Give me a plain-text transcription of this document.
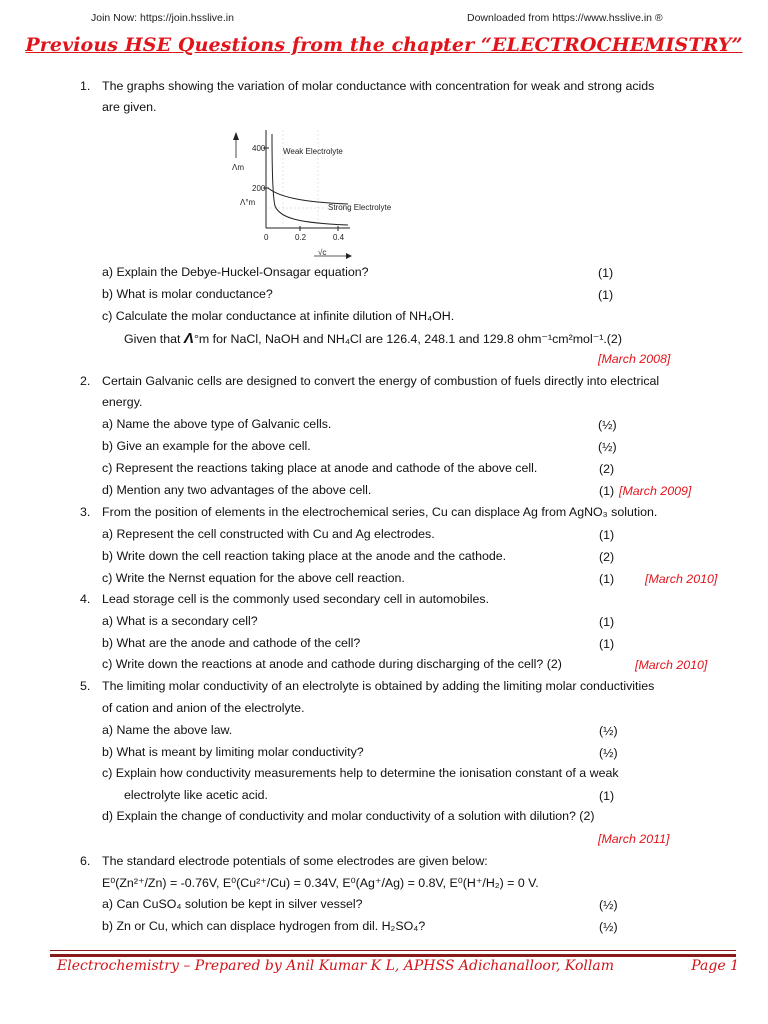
Join Now: https://join.hsslive.in	Downloaded from https://www.hsslive.in ®
Previous HSE Questions from the chapter “ELECTROCHEMISTRY”
1. The graphs showing the variation of molar conductance with concentration for weak and strong acids
are given.
400
200
0	0.2	0.4
Λm
Λ°m
√c
Weak Electrolyte
Strong Electrolyte
a) Explain the Debye-Huckel-Onsagar equation?	(1)
b) What is molar conductance?	(1)
c) Calculate the molar conductance at infinite dilution of NH₄OH.
Given that Λ°m for NaCl, NaOH and NH₄Cl are 126.4, 248.1 and 129.8 ohm⁻¹cm²mol⁻¹.(2)
[March 2008]
2. Certain Galvanic cells are designed to convert the energy of combustion of fuels directly into electrical
energy.
a) Name the above type of Galvanic cells.	(½)
b) Give an example for the above cell.	(½)
c) Represent the reactions taking place at anode and cathode of the above cell.	(2)
d) Mention any two advantages of the above cell.	(1) [March 2009]
3. From the position of elements in the electrochemical series, Cu can displace Ag from AgNO₃ solution.
a) Represent the cell constructed with Cu and Ag electrodes.	(1)
b) Write down the cell reaction taking place at the anode and the cathode.	(2)
c) Write the Nernst equation for the above cell reaction.	(1) [March 2010]
4. Lead storage cell is the commonly used secondary cell in automobiles.
a) What is a secondary cell?	(1)
b) What are the anode and cathode of the cell?	(1)
c) Write down the reactions at anode and cathode during discharging of the cell? (2)	[March 2010]
5. The limiting molar conductivity of an electrolyte is obtained by adding the limiting molar conductivities
of cation and anion of the electrolyte.
a) Name the above law.	(½)
b) What is meant by limiting molar conductivity?	(½)
c) Explain how conductivity measurements help to determine the ionisation constant of a weak
electrolyte like acetic acid.	(1)
d) Explain the change of conductivity and molar conductivity of a solution with dilution? (2)
[March 2011]
6. The standard electrode potentials of some electrodes are given below:
E⁰(Zn²⁺/Zn) = -0.76V, E⁰(Cu²⁺/Cu) = 0.34V, E⁰(Ag⁺/Ag) = 0.8V, E⁰(H⁺/H₂) = 0 V.
a) Can CuSO₄ solution be kept in silver vessel?	(½)
b) Zn or Cu, which can displace hydrogen from dil. H₂SO₄?	(½)
Electrochemistry – Prepared by Anil Kumar K L, APHSS Adichanalloor, Kollam	Page 1
